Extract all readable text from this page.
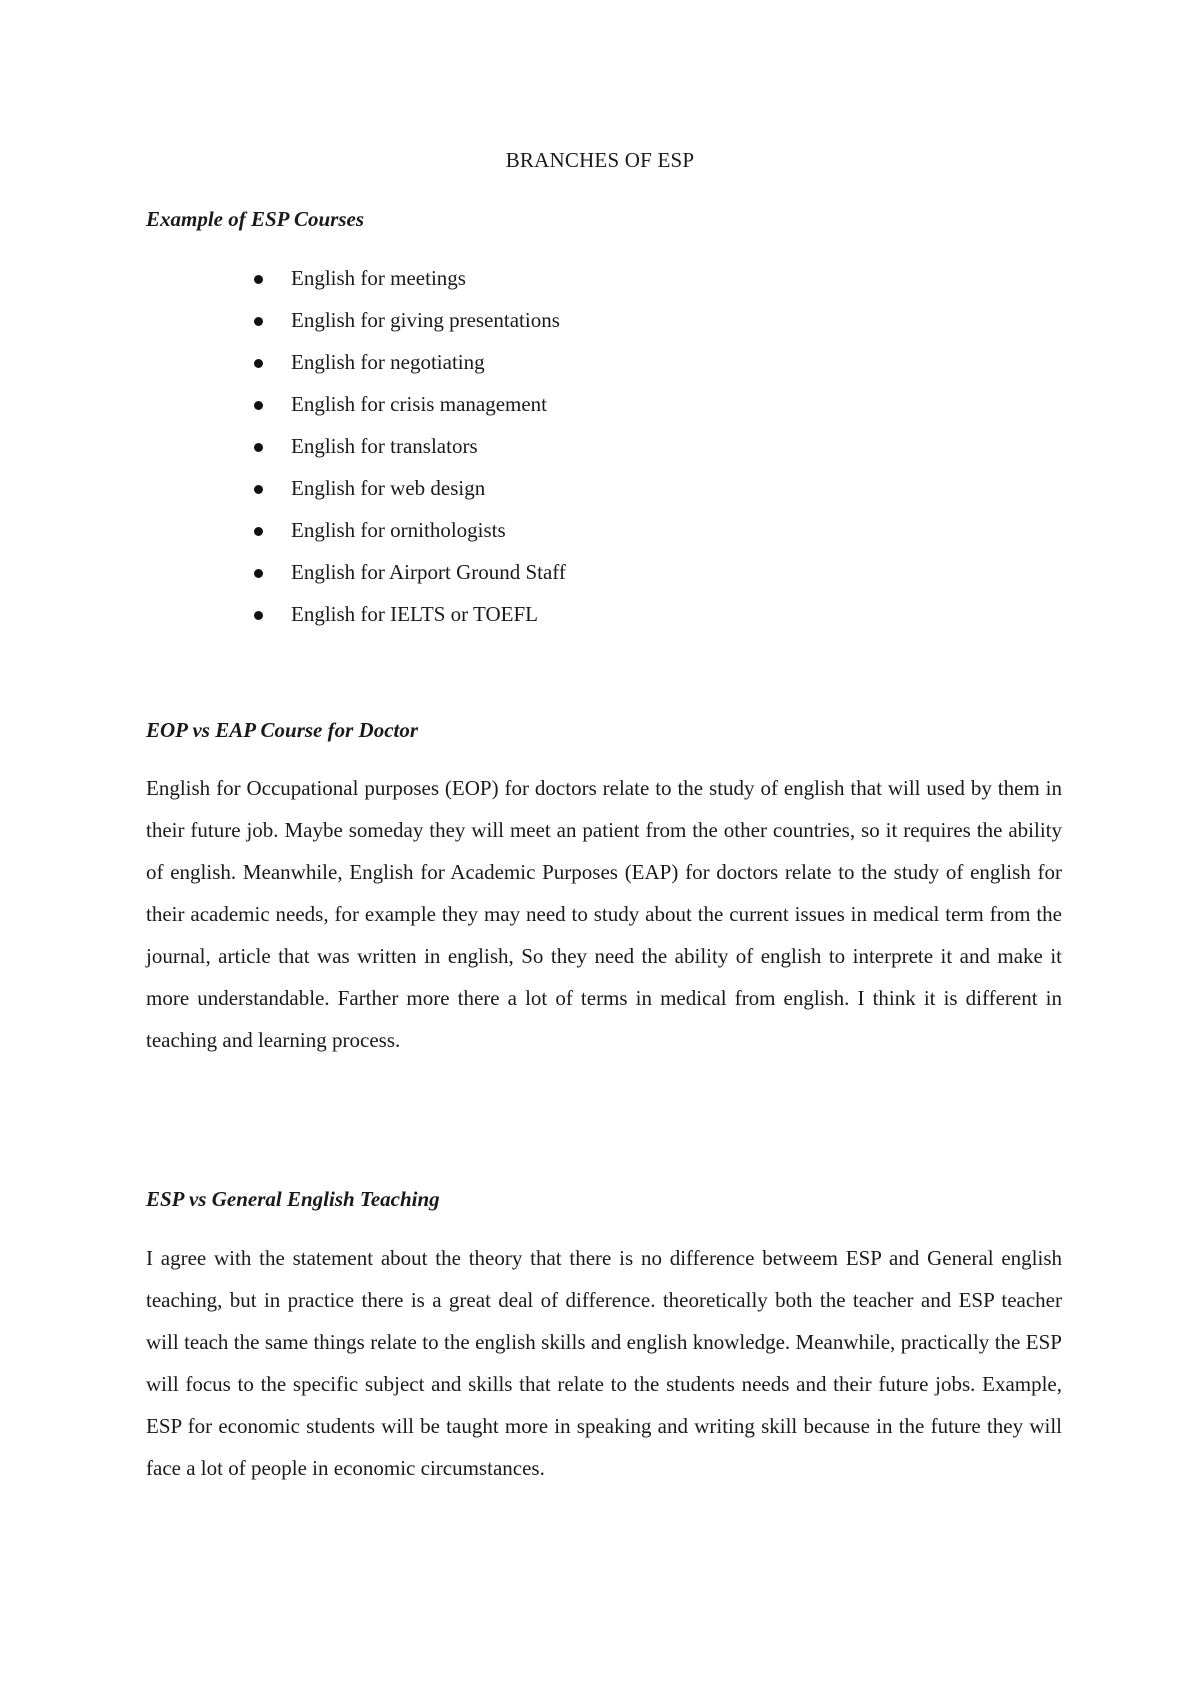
BRANCHES OF ESP
Example of ESP Courses
English for meetings
English for giving presentations
English for negotiating
English for crisis management
English for translators
English for web design
English for ornithologists
English for Airport Ground Staff
English for IELTS or TOEFL
EOP vs EAP Course for Doctor

English for Occupational purposes (EOP) for doctors relate to the study of english that will used by them in their future job. Maybe someday they will meet an patient from the other countries, so it requires the ability of english. Meanwhile, English for Academic Purposes (EAP) for doctors relate to the study of english for their academic needs, for example they may need to study about the current issues in medical term from the journal, article that was written in english, So they need the ability of english to interprete it and make it more understandable. Farther more there a lot of terms in medical from english. I think it is different in teaching and learning process.

ESP vs General English Teaching

I agree with the statement about the theory that there is no difference betweem ESP and General english teaching, but in practice there is a great deal of difference. theoretically both the teacher and ESP teacher will teach the same things relate to the english skills and english knowledge. Meanwhile, practically the ESP will focus to the specific subject and skills that relate to the students needs and their future jobs. Example, ESP for economic students will be taught more in speaking and writing skill because in the future they will face a lot of people in economic circumstances.
